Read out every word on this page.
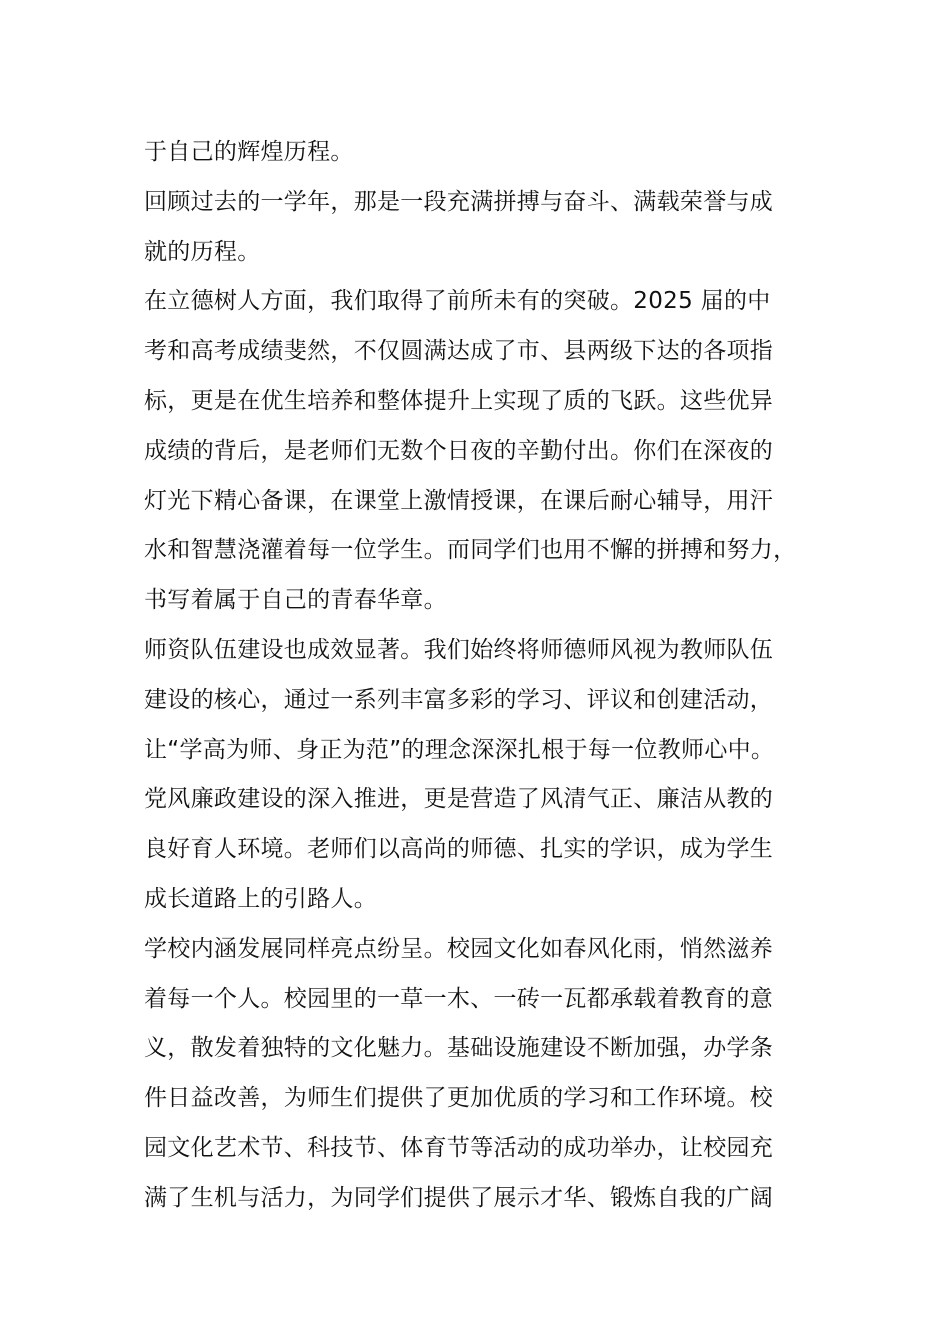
于自己的辉煌历程。
回顾过去的一学年，那是一段充满拼搏与奋斗、满载荣誉与成
就的历程。
在立德树人方面，我们取得了前所未有的突破。2025 届的中
考和高考成绩斐然，不仅圆满达成了市、县两级下达的各项指
标，更是在优生培养和整体提升上实现了质的飞跃。这些优异
成绩的背后，是老师们无数个日夜的辛勤付出。你们在深夜的
灯光下精心备课，在课堂上激情授课，在课后耐心辅导，用汗
水和智慧浇灌着每一位学生。而同学们也用不懈的拼搏和努力，
书写着属于自己的青春华章。
师资队伍建设也成效显著。我们始终将师德师风视为教师队伍
建设的核心，通过一系列丰富多彩的学习、评议和创建活动，
让“学高为师、身正为范”的理念深深扎根于每一位教师心中。
党风廉政建设的深入推进，更是营造了风清气正、廉洁从教的
良好育人环境。老师们以高尚的师德、扎实的学识，成为学生
成长道路上的引路人。
学校内涵发展同样亮点纷呈。校园文化如春风化雨，悄然滋养
着每一个人。校园里的一草一木、一砖一瓦都承载着教育的意
义，散发着独特的文化魅力。基础设施建设不断加强，办学条
件日益改善，为师生们提供了更加优质的学习和工作环境。校
园文化艺术节、科技节、体育节等活动的成功举办，让校园充
满了生机与活力，为同学们提供了展示才华、锻炼自我的广阔
